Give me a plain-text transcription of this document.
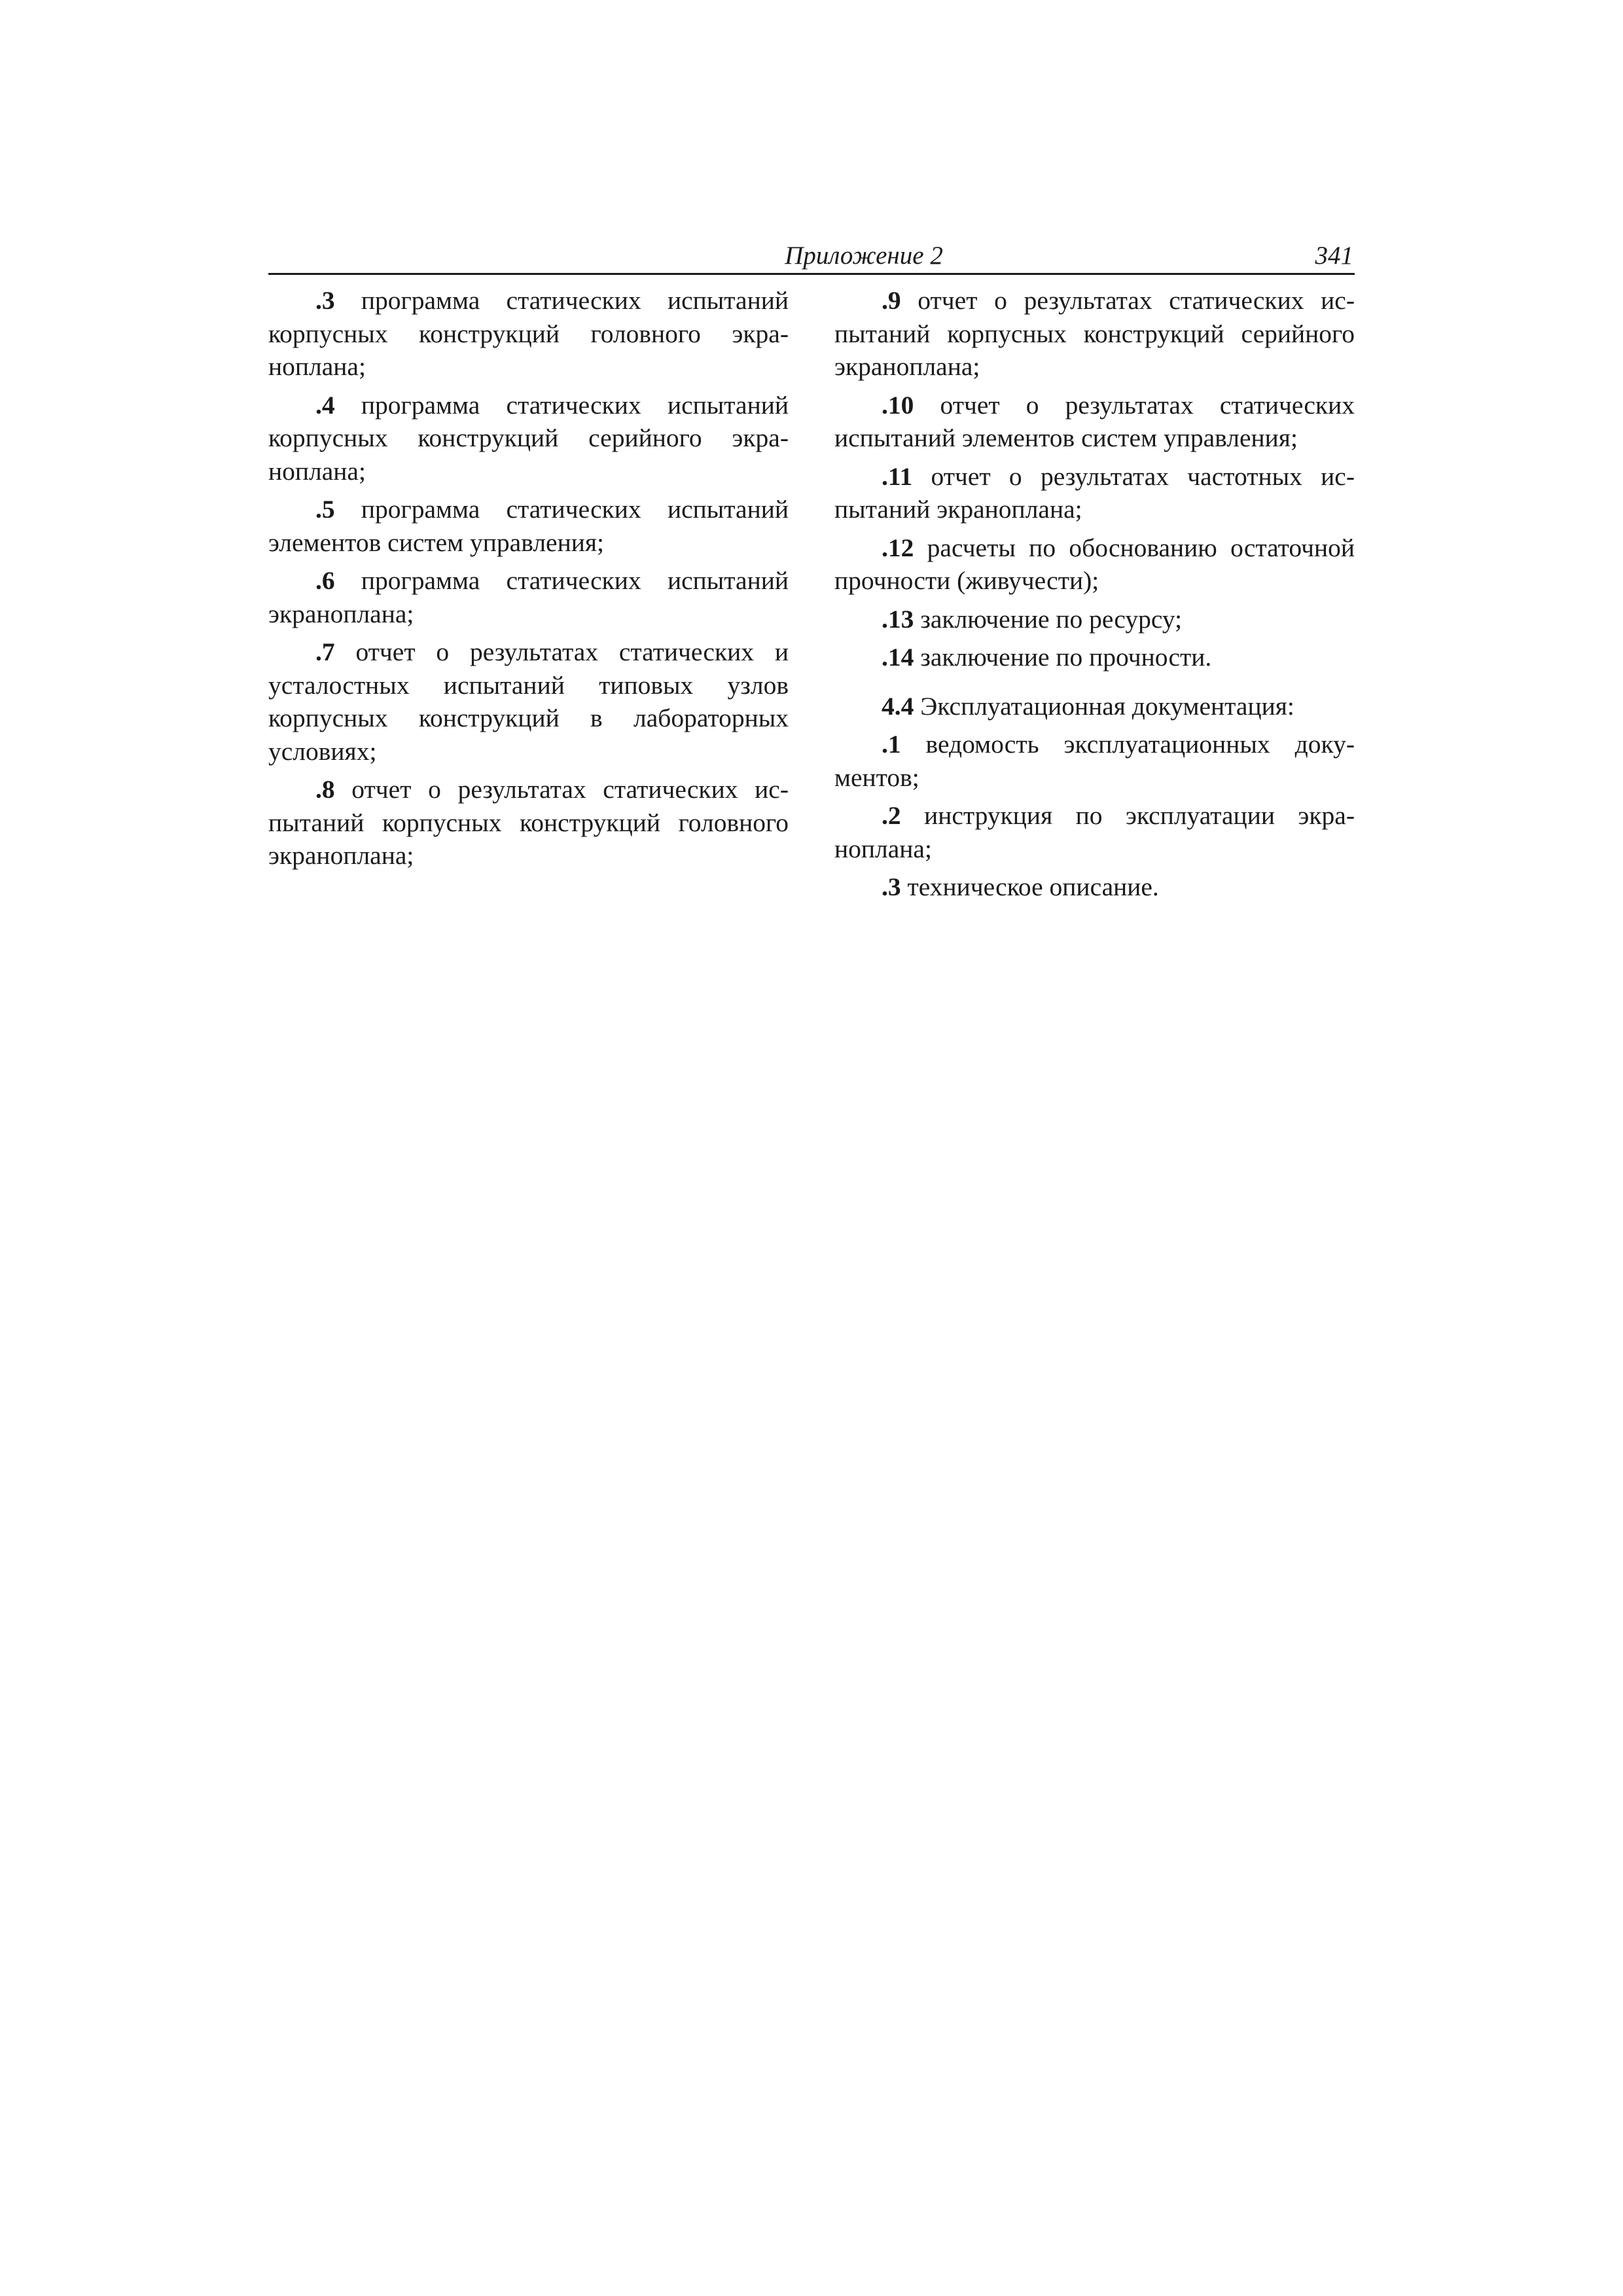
Приложение 2	341

.3 программа статических испытаний корпусных конструкций головного экраноплана;

.4 программа статических испытаний корпусных конструкций серийного экраноплана;

.5 программа статических испытаний элементов систем управления;

.6 программа статических испытаний экраноплана;

.7 отчет о результатах статических и усталостных испытаний типовых узлов корпусных конструкций в лабораторных условиях;

.8 отчет о результатах статических испытаний корпусных конструкций головного экраноплана;

.9 отчет о результатах статических испытаний корпусных конструкций серийного экраноплана;

.10 отчет о результатах статических испытаний элементов систем управления;

.11 отчет о результатах частотных испытаний экраноплана;

.12 расчеты по обоснованию остаточной прочности (живучести);

.13 заключение по ресурсу;

.14 заключение по прочности.

4.4 Эксплуатационная документация:

.1 ведомость эксплуатационных документов;

.2 инструкция по эксплуатации экраноплана;

.3 техническое описание.
